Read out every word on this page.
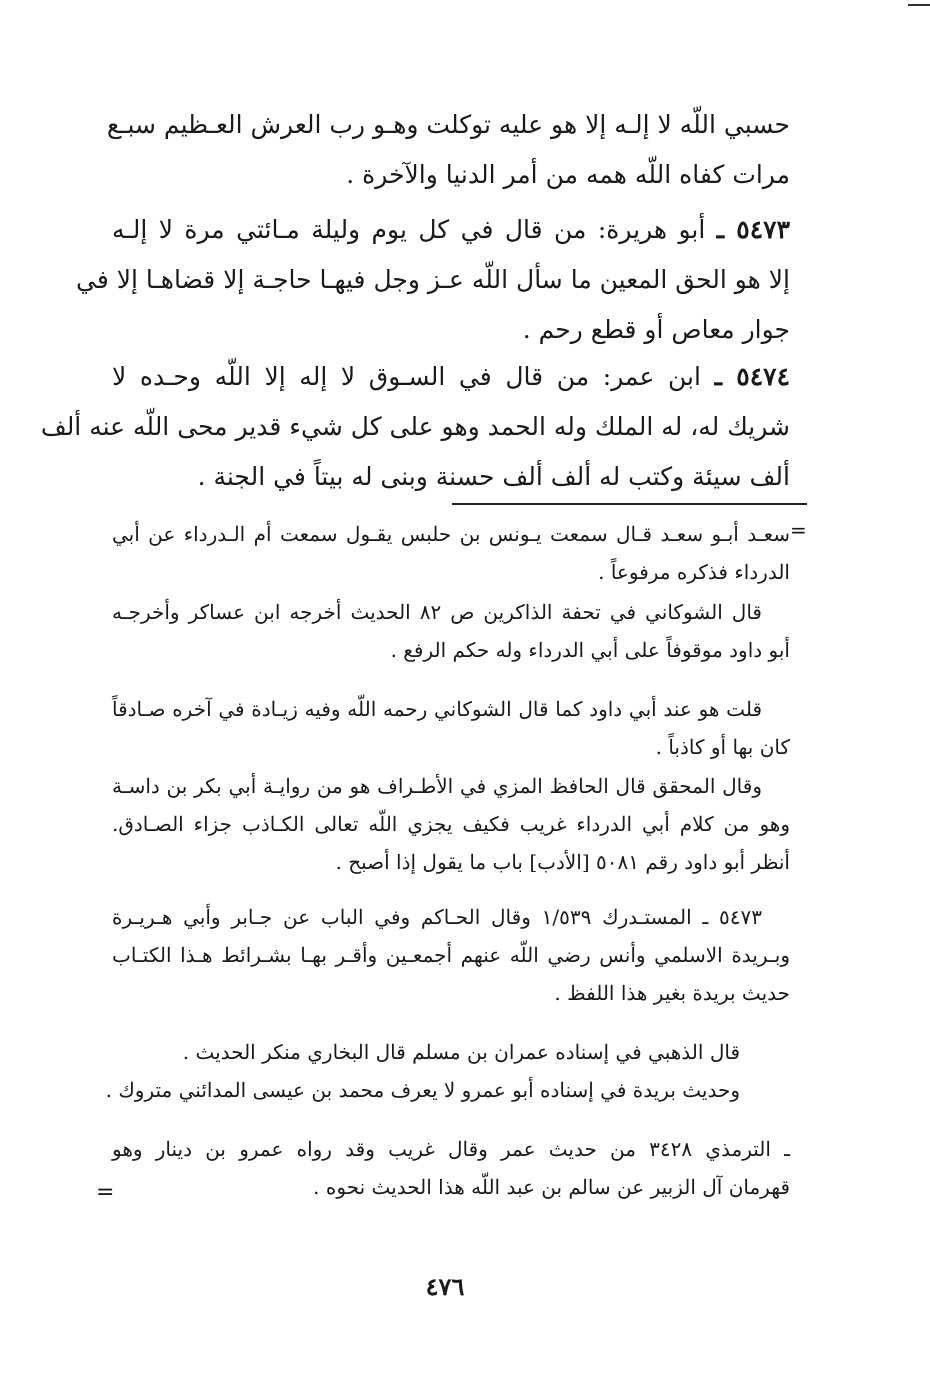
حسبي اللّه لا إلـه إلا هو عليه توكلت وهـو رب العرش العـظيم سبـع
مرات كفاه اللّه همه من أمر الدنيا والآخرة .
٥٤٧٣ ـ أبو هريرة: من قال في كل يوم وليلة مـائتي مرة لا إلـه
إلا هو الحق المعين ما سأل اللّه عـز وجل فيهـا حاجـة إلا قضاهـا إلا في
جوار معاص أو قطع رحم .
٥٤٧٤ ـ ابن عمر: من قال في السـوق لا إله إلا اللّه وحـده لا
شريك له، له الملك وله الحمد وهو على كل شيء قدير محى اللّه عنه ألف
ألف سيئة وكتب له ألف ألف حسنة وبنى له بيتاً في الجنة .
=
سعـد أبـو سعـد قـال سمعت يـونس بن حلبس يقـول سمعت أم الـدرداء عن أبي
الدرداء فذكره مرفوعاً .
قال الشوكاني في تحفة الذاكرين ص ٨٢ الحديث أخرجه ابن عساكر وأخرجـه
أبو داود موقوفاً على أبي الدرداء وله حكم الرفع .
قلت هو عند أبي داود كما قال الشوكاني رحمه اللّه وفيه زيـادة في آخره صـادقاً
كان بها أو كاذباً .
وقال المحقق قال الحافظ المزي في الأطـراف هو من روايـة أبي بكر بن داسـة
وهو من كلام أبي الدرداء غريب فكيف يجزي اللّه تعالى الكـاذب جزاء الصـادق.
أنظر أبو داود رقم ٥٠٨١ [الأدب] باب ما يقول إذا أصبح .
٥٤٧٣ ـ المستـدرك ١/٥٣٩ وقال الحـاكم وفي الباب عن جـابر وأبي هـريـرة
وبـريدة الاسلمي وأنس رضي اللّه عنهم أجمعـين وأقـر بهـا بشـرائط هـذا الكتـاب
حديث بريدة بغير هذا اللفظ .
قال الذهبي في إسناده عمران بن مسلم قال البخاري منكر الحديث .
وحديث بريدة في إسناده أبو عمرو لا يعرف محمد بن عيسى المدائني متروك .
ـ الترمذي ٣٤٢٨ من حديث عمر وقال غريب وقد رواه عمرو بن دينار وهو
قهرمان آل الزبير عن سالم بن عبد اللّه هذا الحديث نحوه .
=
٤٧٦
